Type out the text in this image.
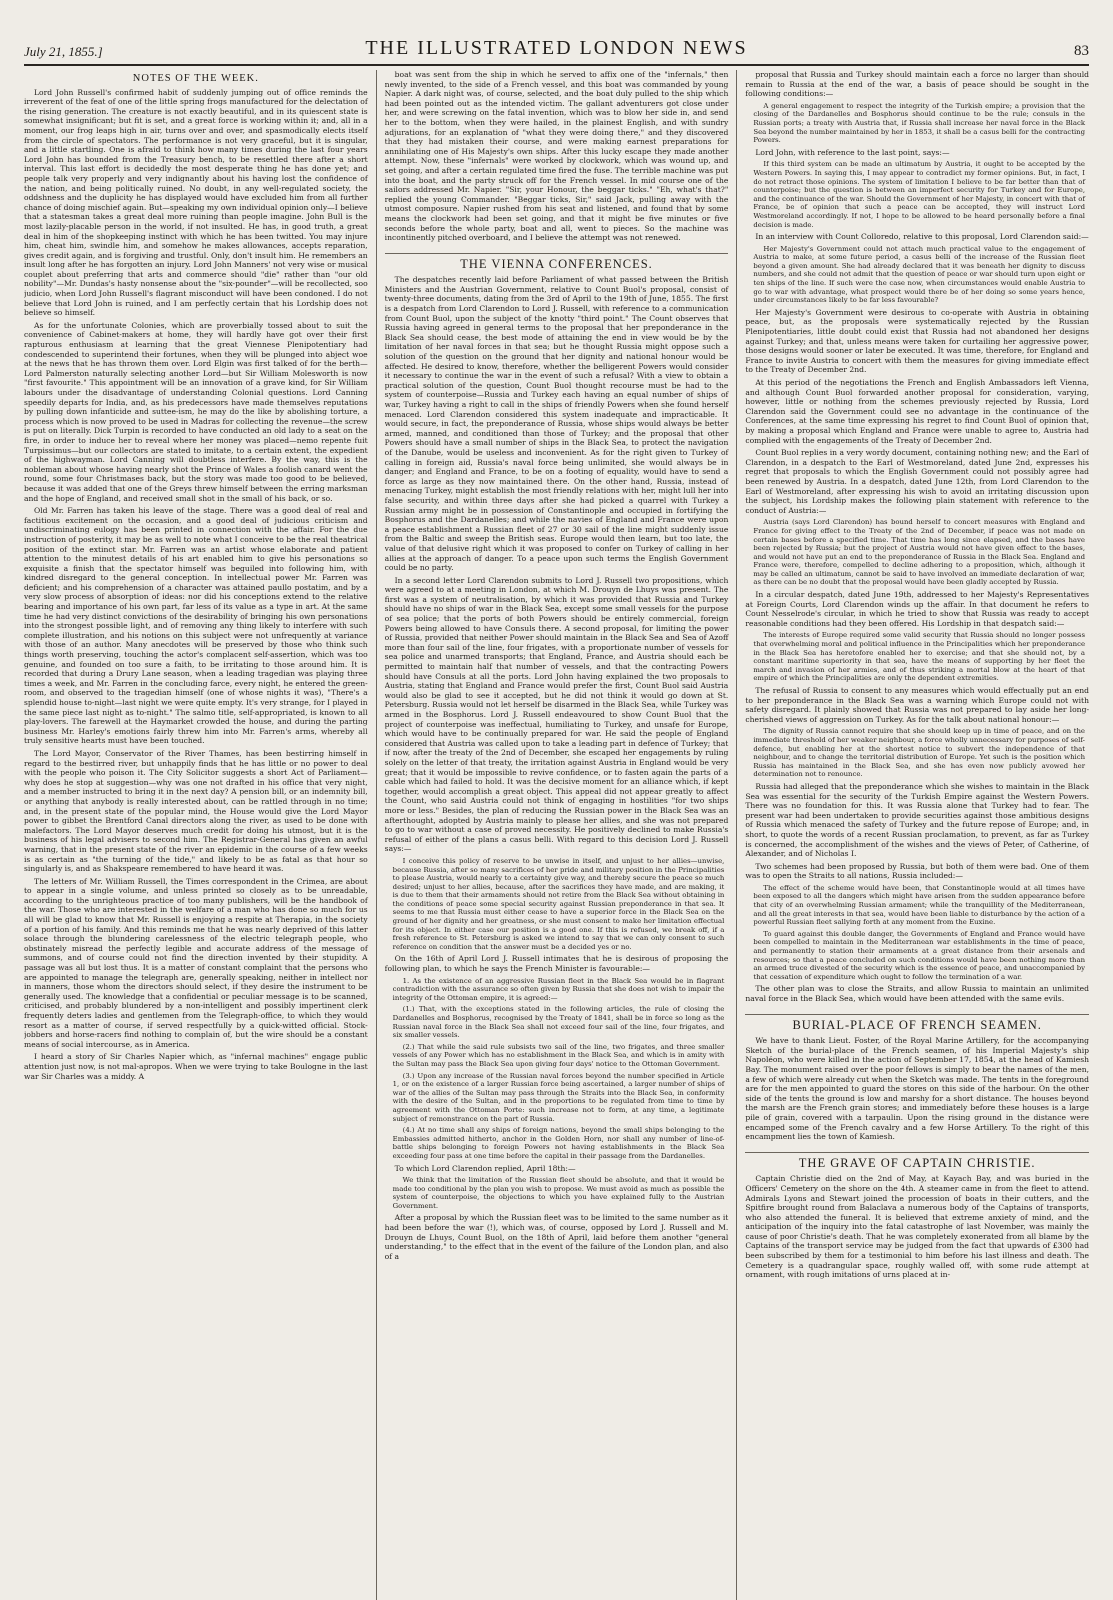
July 21, 1855.]	THE ILLUSTRATED LONDON NEWS	83
NOTES OF THE WEEK.

Lord John Russell's confirmed habit of suddenly jumping out of office reminds the irreverent of the feat of one of the little spring frogs manufactured for the delectation of the rising generation. The creature is not exactly beautiful, and in its quiescent state is somewhat insignificant; but fit is set, and a great force is working within it; and, all in a moment, our frog leaps high in air, turns over and over, and spasmodically elects itself from the circle of spectators. The performance is not very graceful, but it is singular, and a little startling. One is afraid to think how many times during the last four years Lord John has bounded from the Treasury bench, to be resettled there after a short interval. This last effort is decidedly the most desperate thing he has done yet; and people talk very properly and very indignantly about his having lost the confidence of the nation, and being politically ruined. No doubt, in any well-regulated society, the oddshness and the duplicity he has displayed would have excluded him from all further chance of doing mischief again. But—speaking my own individual opinion only—I believe that a statesman takes a great deal more ruining than people imagine. John Bull is the most lazily-placable person in the world, if not insulted. He has, in good truth, a great deal in him of the shopkeeping instinct with which he has been twitted. You may injure him, cheat him, swindle him, and somehow he makes allowances, accepts reparation, gives credit again, and is forgiving and trustful. Only, don't insult him. He remembers an insult long after he has forgotten an injury. Lord John Manners' not very wise or musical couplet about preferring that arts and commerce should "die" rather than "our old nobility"—Mr. Dundas's hasty nonsense about the "six-pounder"—will be recollected, soo judicio, when Lord John Russell's flagrant misconduct will have been condoned. I do not believe that Lord John is ruined, and I am perfectly certain that his Lordship does not believe so himself.

As for the unfortunate Colonies, which are proverbially tossed about to suit the convenience of Cabinet-makers at home, they will hardly have got over their first rapturous enthusiasm at learning that the great Viennese Plenipotentiary had condescended to superintend their fortunes, when they will be plunged into abject woe at the news that he has thrown them over. Lord Elgin was first talked of for the berth—Lord Palmerston naturally selecting another Lord—but Sir William Molesworth is now "first favourite." This appointment will be an innovation of a grave kind, for Sir William labours under the disadvantage of understanding Colonial questions. Lord Canning speedily departs for India, and, as his predecessors have made themselves reputations by pulling down infanticide and suttee-ism, he may do the like by abolishing torture, a process which is now proved to be used in Madras for collecting the revenue—the screw is put on literally. Dick Turpin is recorded to have conducted an old lady to a seat on the fire, in order to induce her to reveal where her money was placed—nemo repente fuit Turpissimus—but our collectors are stated to imitate, to a certain extent, the expedient of the highwayman. Lord Canning will doubtless interfere. By the way, this is the nobleman about whose having nearly shot the Prince of Wales a foolish canard went the round, some four Christmases back, but the story was made too good to be believed, because it was added that one of the Greys threw himself between the erring marksman and the hope of England, and received small shot in the small of his back, or so.

Old Mr. Farren has taken his leave of the stage. There was a good deal of real and factitious excitement on the occasion, and a good deal of judicious criticism and undiscriminating eulogy has been printed in connection with the affair. For the due instruction of posterity, it may be as well to note what I conceive to be the real theatrical position of the extinct star. Mr. Farren was an artist whose elaborate and patient attention to the minutest details of his art enabled him to give his personations so exquisite a finish that the spectator himself was beguiled into following him, with kindred disregard to the general conception. In intellectual power Mr. Farren was deficient; and his comprehension of a character was attained paullo postatim, and by a very slow process of absorption of ideas: nor did his conceptions extend to the relative bearing and importance of his own part, far less of its value as a type in art. At the same time he had very distinct convictions of the desirability of bringing his own personations into the strongest possible light, and of removing any thing likely to interfere with such complete illustration, and his notions on this subject were not unfrequently at variance with those of an author. Many anecdotes will be preserved by those who think such things worth preserving, touching the actor's complacent self-assertion, which was too genuine, and founded on too sure a faith, to be irritating to those around him. It is recorded that during a Drury Lane season, when a leading tragedian was playing three times a week, and Mr. Farren in the concluding farce, every night, he entered the green-room, and observed to the tragedian himself (one of whose nights it was), "There's a splendid house to-night—last night we were quite empty. It's very strange, for I played in the same piece last night as to-night." The salmo title, self-appropriated, is known to all play-lovers. The farewell at the Haymarket crowded the house, and during the parting business Mr. Harley's emotions fairly threw him into Mr. Farren's arms, whereby all truly sensitive hearts must have been touched.

The Lord Mayor, Conservator of the River Thames, has been bestirring himself in regard to the bestirred river, but unhappily finds that he has little or no power to deal with the people who poison it. The City Solicitor suggests a short Act of Parliament—why does he stop at suggestion—why was one not drafted in his office that very night, and a member instructed to bring it in the next day? A pension bill, or an indemnity bill, or anything that anybody is really interested about, can be rattled through in no time; and, in the present state of the popular mind, the House would give the Lord Mayor power to gibbet the Brentford Canal directors along the river, as used to be done with malefactors. The Lord Mayor deserves much credit for doing his utmost, but it is the business of his legal advisers to second him. The Registrar-General has given an awful warning, that in the present state of the river an epidemic in the course of a few weeks is as certain as "the turning of the tide," and likely to be as fatal as that hour so singularly is, and as Shakspeare remembered to have heard it was.

The letters of Mr. William Russell, the Times correspondent in the Crimea, are about to appear in a single volume, and unless printed so closely as to be unreadable, according to the unrighteous practice of too many publishers, will be the handbook of the war. Those who are interested in the welfare of a man who has done so much for us all will be glad to know that Mr. Russell is enjoying a respite at Therapia, in the society of a portion of his family. And this reminds me that he was nearly deprived of this latter solace through the blundering carelessness of the electric telegraph people, who obstinately misread the perfectly legible and accurate address of the message of summons, and of course could not find the direction invented by their stupidity. A passage was all but lost thus. It is a matter of constant complaint that the persons who are appointed to manage the telegraph are, generally speaking, neither in intellect nor in manners, those whom the directors should select, if they desire the instrument to be generally used. The knowledge that a confidential or peculiar message is to be scanned, criticised, and probably blundered by a non-intelligent and possibly impertinent clerk frequently deters ladies and gentlemen from the Telegraph-office, to which they would resort as a matter of course, if served respectfully by a quick-witted official. Stock-jobbers and horse-racers find nothing to complain of, but the wire should be a constant means of social intercourse, as in America.

I heard a story of Sir Charles Napier which, as "infernal machines" engage public attention just now, is not mal-apropos. When we were trying to take Boulogne in the last war Sir Charles was a middy. A

boat was sent from the ship in which he served to affix one of the "infernals," then newly invented, to the side of a French vessel, and this boat was commanded by young Napier. A dark night was, of course, selected, and the boat duly pulled to the ship which had been pointed out as the intended victim. The gallant adventurers got close under her, and were screwing on the fatal invention, which was to blow her side in, and send her to the bottom, when they were hailed, in the plainest English, and with sundry adjurations, for an explanation of "what they were doing there," and they discovered that they had mistaken their course, and were making earnest preparations for annihilating one of His Majesty's own ships. After this lucky escape they made another attempt. Now, these "infernals" were worked by clockwork, which was wound up, and set going, and after a certain regulated time fired the fuse. The terrible machine was put into the boat, and the party struck off for the French vessel. In mid course one of the sailors addressed Mr. Napier. "Sir, your Honour, the beggar ticks." "Eh, what's that?" replied the young Commander. "Beggar ticks, Sir," said Jack, pulling away with the utmost composure. Napier rushed from his seat and listened, and found that by some means the clockwork had been set going, and that it might be five minutes or five seconds before the whole party, boat and all, went to pieces. So the machine was incontinently pitched overboard, and I believe the attempt was not renewed.

THE VIENNA CONFERENCES.

The despatches recently laid before Parliament of what passed between the British Ministers and the Austrian Government, relative to Count Buol's proposal, consist of twenty-three documents, dating from the 3rd of April to the 19th of June, 1855. The first is a despatch from Lord Clarendon to Lord J. Russell, with reference to a communication from Count Buol, upon the subject of the knotty "third point." The Count observes that Russia having agreed in general terms to the proposal that her preponderance in the Black Sea should cease, the best mode of attaining the end in view would be by the limitation of her naval forces in that sea; but he thought Russia might oppose such a solution of the question on the ground that her dignity and national honour would be affected. He desired to know, therefore, whether the belligerent Powers would consider it necessary to continue the war in the event of such a refusal? With a view to obtain a practical solution of the question, Count Buol thought recourse must be had to the system of counterpoise—Russia and Turkey each having an equal number of ships of war, Turkey having a right to call in the ships of friendly Powers when she found herself menaced. Lord Clarendon considered this system inadequate and impracticable. It would secure, in fact, the preponderance of Russia, whose ships would always be better armed, manned, and conditioned than those of Turkey; and the proposal that other Powers should have a small number of ships in the Black Sea, to protect the navigation of the Danube, would be useless and inconvenient. As for the right given to Turkey of calling in foreign aid, Russia's naval force being unlimited, she would always be in danger; and England and France, to be on a footing of equality, would have to send a force as large as they now maintained there. On the other hand, Russia, instead of menacing Turkey, might establish the most friendly relations with her, might lull her into false security, and within three days after she had picked a quarrel with Turkey a Russian army might be in possession of Constantinople and occupied in fortifying the Bosphorus and the Dardanelles; and while the navies of England and France were upon a peace establishment a Russian fleet of 27 or 30 sail of the line might suddenly issue from the Baltic and sweep the British seas. Europe would then learn, but too late, the value of that delusive right which it was proposed to confer on Turkey of calling in her allies at the approach of danger. To a peace upon such terms the English Government could be no party.

In a second letter Lord Clarendon submits to Lord J. Russell two propositions, which were agreed to at a meeting in London, at which M. Drouyn de Lhuys was present. The first was a system of neutralisation, by which it was provided that Russia and Turkey should have no ships of war in the Black Sea, except some small vessels for the purpose of sea police; that the ports of both Powers should be entirely commercial, foreign Powers being allowed to have Consuls there. A second proposal, for limiting the power of Russia, provided that neither Power should maintain in the Black Sea and Sea of Azoff more than four sail of the line, four frigates, with a proportionate number of vessels for sea police and unarmed transports; that England, France, and Austria should each be permitted to maintain half that number of vessels, and that the contracting Powers should have Consuls at all the ports. Lord John having explained the two proposals to Austria, stating that England and France would prefer the first, Count Buol said Austria would also be glad to see it accepted, but he did not think it would go down at St. Petersburg. Russia would not let herself be disarmed in the Black Sea, while Turkey was armed in the Bosphorus. Lord J. Russell endeavoured to show Count Buol that the project of counterpoise was ineffectual, humiliating to Turkey, and unsafe for Europe, which would have to be continually prepared for war. He said the people of England considered that Austria was called upon to take a leading part in defence of Turkey; that if now, after the treaty of the 2nd of December, she escaped her engagements by ruling solely on the letter of that treaty, the irritation against Austria in England would be very great; that it would be impossible to revive confidence, or to fasten again the parts of a cable which had failed to hold. It was the decisive moment for an alliance which, if kept together, would accomplish a great object. This appeal did not appear greatly to affect the Count, who said Austria could not think of engaging in hostilities "for two ships more or less." Besides, the plan of reducing the Russian power in the Black Sea was an afterthought, adopted by Austria mainly to please her allies, and she was not prepared to go to war without a case of proved necessity. He positively declined to make Russia's refusal of either of the plans a casus belli. With regard to this decision Lord J. Russell says:—

I conceive this policy of reserve to be unwise in itself, and unjust to her allies—unwise, because Russia, after so many sacrifices of her pride and military position in the Principalities to please Austria, would nearly to a certainty give way, and thereby secure the peace so much desired; unjust to her allies, because, after the sacrifices they have made, and are making, it is due to them that their armaments should not retire from the Black Sea without obtaining in the conditions of peace some special security against Russian preponderance in that sea. It seems to me that Russia must either cease to have a superior force in the Black Sea on the ground of her dignity and her greatness, or she must consent to make her limitation effectual for its object. In either case our position is a good one. If this is refused, we break off, if a fresh reference to St. Petersburg is asked we intend to say that we can only consent to such reference on condition that the answer must be a decided yes or no.

On the 16th of April Lord J. Russell intimates that he is desirous of proposing the following plan, to which he says the French Minister is favourable:—

1. As the existence of an aggressive Russian fleet in the Black Sea would be in flagrant contradiction with the assurance so often given by Russia that she does not wish to impair the integrity of the Ottoman empire, it is agreed:—

(1.) That, with the exceptions stated in the following articles, the rule of closing the Dardanelles and Bosphorus, recognised by the Treaty of 1841, shall be in force so long as the Russian naval force in the Black Sea shall not exceed four sail of the line, four frigates, and six smaller vessels.

(2.) That while the said rule subsists two sail of the line, two frigates, and three smaller vessels of any Power which has no establishment in the Black Sea, and which is in amity with the Sultan may pass the Black Sea upon giving four days' notice to the Ottoman Government.

(3.) Upon any increase of the Russian naval forces beyond the number specified in Article 1, or on the existence of a larger Russian force being ascertained, a larger number of ships of war of the allies of the Sultan may pass through the Straits into the Black Sea, in conformity with the desire of the Sultan, and in the proportions to be regulated from time to time by agreement with the Ottoman Porte: such increase not to form, at any time, a legitimate subject of remonstrance on the part of Russia.

(4.) At no time shall any ships of foreign nations, beyond the small ships belonging to the Embassies admitted hitherto, anchor in the Golden Horn, nor shall any number of line-of-battle ships belonging to foreign Powers not having establishments in the Black Sea exceeding four pass at one time before the capital in their passage from the Dardanelles.

To which Lord Clarendon replied, April 18th:—

We think that the limitation of the Russian fleet should be absolute, and that it would be made too conditional by the plan you wish to propose. We must avoid as much as possible the system of counterpoise, the objections to which you have explained fully to the Austrian Government.

After a proposal by which the Russian fleet was to be limited to the same number as it had been before the war (!), which was, of course, opposed by Lord J. Russell and M. Drouyn de Lhuys, Count Buol, on the 18th of April, laid before them another "general understanding," to the effect that in the event of the failure of the London plan, and also of a

proposal that Russia and Turkey should maintain each a force no larger than should remain to Russia at the end of the war, a basis of peace should be sought in the following conditions:—

A general engagement to respect the integrity of the Turkish empire; a provision that the closing of the Dardanelles and Bosphorus should continue to be the rule; consuls in the Russian ports; a treaty with Austria that, if Russia shall increase her naval force in the Black Sea beyond the number maintained by her in 1853, it shall be a casus belli for the contracting Powers.

Lord John, with reference to the last point, says:—

If this third system can be made an ultimatum by Austria, it ought to be accepted by the Western Powers. In saying this, I may appear to contradict my former opinions. But, in fact, I do not retract those opinions. The system of limitation I believe to be far better than that of counterpoise; but the question is between an imperfect security for Turkey and for Europe, and the continuance of the war. Should the Government of her Majesty, in concert with that of France, be of opinion that such a peace can be accepted, they will instruct Lord Westmoreland accordingly. If not, I hope to be allowed to be heard personally before a final decision is made.

In an interview with Count Colloredo, relative to this proposal, Lord Clarendon said:—

Her Majesty's Government could not attach much practical value to the engagement of Austria to make, at some future period, a casus belli of the increase of the Russian fleet beyond a given amount. She had already declared that it was beneath her dignity to discuss numbers, and she could not admit that the question of peace or war should turn upon eight or ten ships of the line. If such were the case now, when circumstances would enable Austria to go to war with advantage, what prospect would there be of her doing so some years hence, under circumstances likely to be far less favourable?

Her Majesty's Government were desirous to co-operate with Austria in obtaining peace, but, as the proposals were systematically rejected by the Russian Plenipotentiaries, little doubt could exist that Russia had not abandoned her designs against Turkey; and that, unless means were taken for curtailing her aggressive power, those designs would sooner or later be executed. It was time, therefore, for England and France to invite Austria to concert with them the measures for giving immediate effect to the Treaty of December 2nd.

At this period of the negotiations the French and English Ambassadors left Vienna, and although Count Buol forwarded another proposal for consideration, varying, however, little or nothing from the schemes previously rejected by Russia, Lord Clarendon said the Government could see no advantage in the continuance of the Conferences, at the same time expressing his regret to find Count Buol of opinion that, by making a proposal which England and France were unable to agree to, Austria had complied with the engagements of the Treaty of December 2nd.

Count Buol replies in a very wordy document, containing nothing new; and the Earl of Clarendon, in a despatch to the Earl of Westmoreland, dated June 2nd, expresses his regret that proposals to which the English Government could not possibly agree had been renewed by Austria. In a despatch, dated June 12th, from Lord Clarendon to the Earl of Westmoreland, after expressing his wish to avoid an irritating discussion upon the subject, his Lordship makes the following plain statement with reference to the conduct of Austria:—

Austria (says Lord Clarendon) has bound herself to concert measures with England and France for giving effect to the Treaty of the 2nd of December, if peace was not made on certain bases before a specified time. That time has long since elapsed, and the bases have been rejected by Russia; but the project of Austria would not have given effect to the bases, and would not have put an end to the preponderance of Russia in the Black Sea. England and France were, therefore, compelled to decline adhering to a proposition, which, although it may be called an ultimatum, cannot be said to have involved an immediate declaration of war, as there can be no doubt that the proposal would have been gladly accepted by Russia.

In a circular despatch, dated June 19th, addressed to her Majesty's Representatives at Foreign Courts, Lord Clarendon winds up the affair. In that document he refers to Count Nesselrode's circular, in which he tried to show that Russia was ready to accept reasonable conditions had they been offered. His Lordship in that despatch said:—

The interests of Europe required some valid security that Russia should no longer possess that overwhelming moral and political influence in the Principalities which her preponderance in the Black Sea has heretofore enabled her to exercise; and that she should not, by a constant maritime superiority in that sea, have the means of supporting by her fleet the march and invasion of her armies, and of thus striking a mortal blow at the heart of that empire of which the Principalities are only the dependent extremities.

The refusal of Russia to consent to any measures which would effectually put an end to her preponderance in the Black Sea was a warning which Europe could not with safety disregard. It plainly showed that Russia was not prepared to lay aside her long-cherished views of aggression on Turkey. As for the talk about national honour:—

The dignity of Russia cannot require that she should keep up in time of peace, and on the immediate threshold of her weaker neighbour, a force wholly unnecessary for purposes of self-defence, but enabling her at the shortest notice to subvert the independence of that neighbour, and to change the territorial distribution of Europe. Yet such is the position which Russia has maintained in the Black Sea, and she has even now publicly avowed her determination not to renounce.

Russia had alleged that the preponderance which she wishes to maintain in the Black Sea was essential for the security of the Turkish Empire against the Western Powers. There was no foundation for this. It was Russia alone that Turkey had to fear. The present war had been undertaken to provide securities against those ambitious designs of Russia which menaced the safety of Turkey and the future repose of Europe; and, in short, to quote the words of a recent Russian proclamation, to prevent, as far as Turkey is concerned, the accomplishment of the wishes and the views of Peter, of Catherine, of Alexander, and of Nicholas I.

Two schemes had been proposed by Russia, but both of them were bad. One of them was to open the Straits to all nations, Russia included:—

The effect of the scheme would have been, that Constantinople would at all times have been exposed to all the dangers which might have arisen from the sudden appearance before that city of an overwhelming Russian armament; while the tranquillity of the Mediterranean, and all the great interests in that sea, would have been liable to disturbance by the action of a powerful Russian fleet sallying forth at any moment from the Euxine.

To guard against this double danger, the Governments of England and France would have been compelled to maintain in the Mediterranean war establishments in the time of peace, and permanently to station their armaments at a great distance from their arsenals and resources; so that a peace concluded on such conditions would have been nothing more than an armed truce divested of the security which is the essence of peace, and unaccompanied by that cessation of expenditure which ought to follow the termination of a war.

The other plan was to close the Straits, and allow Russia to maintain an unlimited naval force in the Black Sea, which would have been attended with the same evils.

BURIAL-PLACE OF FRENCH SEAMEN.

We have to thank Lieut. Foster, of the Royal Marine Artillery, for the accompanying Sketch of the burial-place of the French seamen, of his Imperial Majesty's ship Napoléon, who were killed in the action of September 17, 1854, at the head of Kamiesh Bay. The monument raised over the poor fellows is simply to bear the names of the men, a few of which were already cut when the Sketch was made. The tents in the foreground are for the men appointed to guard the stores on this side of the harbour. On the other side of the tents the ground is low and marshy for a short distance. The houses beyond the marsh are the French grain stores; and immediately before these houses is a large pile of grain, covered with a tarpaulin. Upon the rising ground in the distance were encamped some of the French cavalry and a few Horse Artillery. To the right of this encampment lies the town of Kamiesh.

THE GRAVE OF CAPTAIN CHRISTIE.

Captain Christie died on the 2nd of May, at Kayach Bay, and was buried in the Officers' Cemetery on the shore on the 4th. A steamer came in from the fleet to attend. Admirals Lyons and Stewart joined the procession of boats in their cutters, and the Spitfire brought round from Balaclava a numerous body of the Captains of transports, who also attended the funeral. It is believed that extreme anxiety of mind, and the anticipation of the inquiry into the fatal catastrophe of last November, was mainly the cause of poor Christie's death. That he was completely exonerated from all blame by the Captains of the transport service may be judged from the fact that upwards of £300 had been subscribed by them for a testimonial to him before his last illness and death. The Cemetery is a quadrangular space, roughly walled off, with some rude attempt at ornament, with rough imitations of urns placed at in-
